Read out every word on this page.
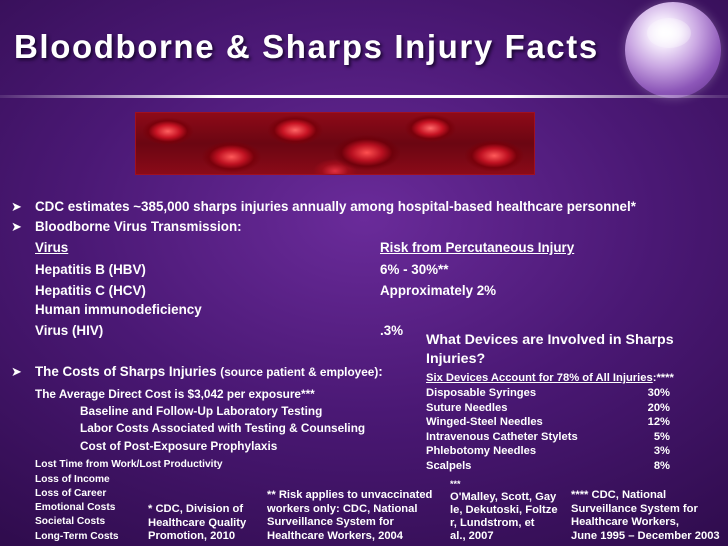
Bloodborne & Sharps Injury Facts
➤ CDC estimates ~385,000 sharps injuries annually among hospital-based healthcare personnel*
➤ Bloodborne Virus Transmission:
Virus	Risk from Percutaneous Injury
Hepatitis B (HBV)	6% - 30%**
Hepatitis C (HCV)	Approximately 2%
Human immunodeficiency
Virus (HIV)	.3%
➤ The Costs of Sharps Injuries (source patient & employee):
The Average Direct Cost is $3,042 per exposure***
Baseline and Follow-Up Laboratory Testing
Labor Costs Associated with Testing & Counseling
Cost of Post-Exposure Prophylaxis
Lost Time from Work/Lost Productivity
Loss of Income
Loss of Career
Emotional Costs
Societal Costs
Long-Term Costs
What Devices are Involved in Sharps Injuries?
Six Devices Account for 78% of All Injuries:****
Disposable Syringes	30%
Suture Needles	20%
Winged-Steel Needles	12%
Intravenous Catheter Stylets	5%
Phlebotomy Needles	3%
Scalpels	8%
* CDC, Division of
Healthcare Quality
Promotion, 2010
** Risk applies to unvaccinated
workers only: CDC, National
Surveillance System for
Healthcare Workers, 2004
***
O'Malley, Scott, Gay
le, Dekutoski, Foltze
r, Lundstrom, et
al., 2007
**** CDC, National
Surveillance System for
Healthcare Workers,
June 1995 – December 2003
